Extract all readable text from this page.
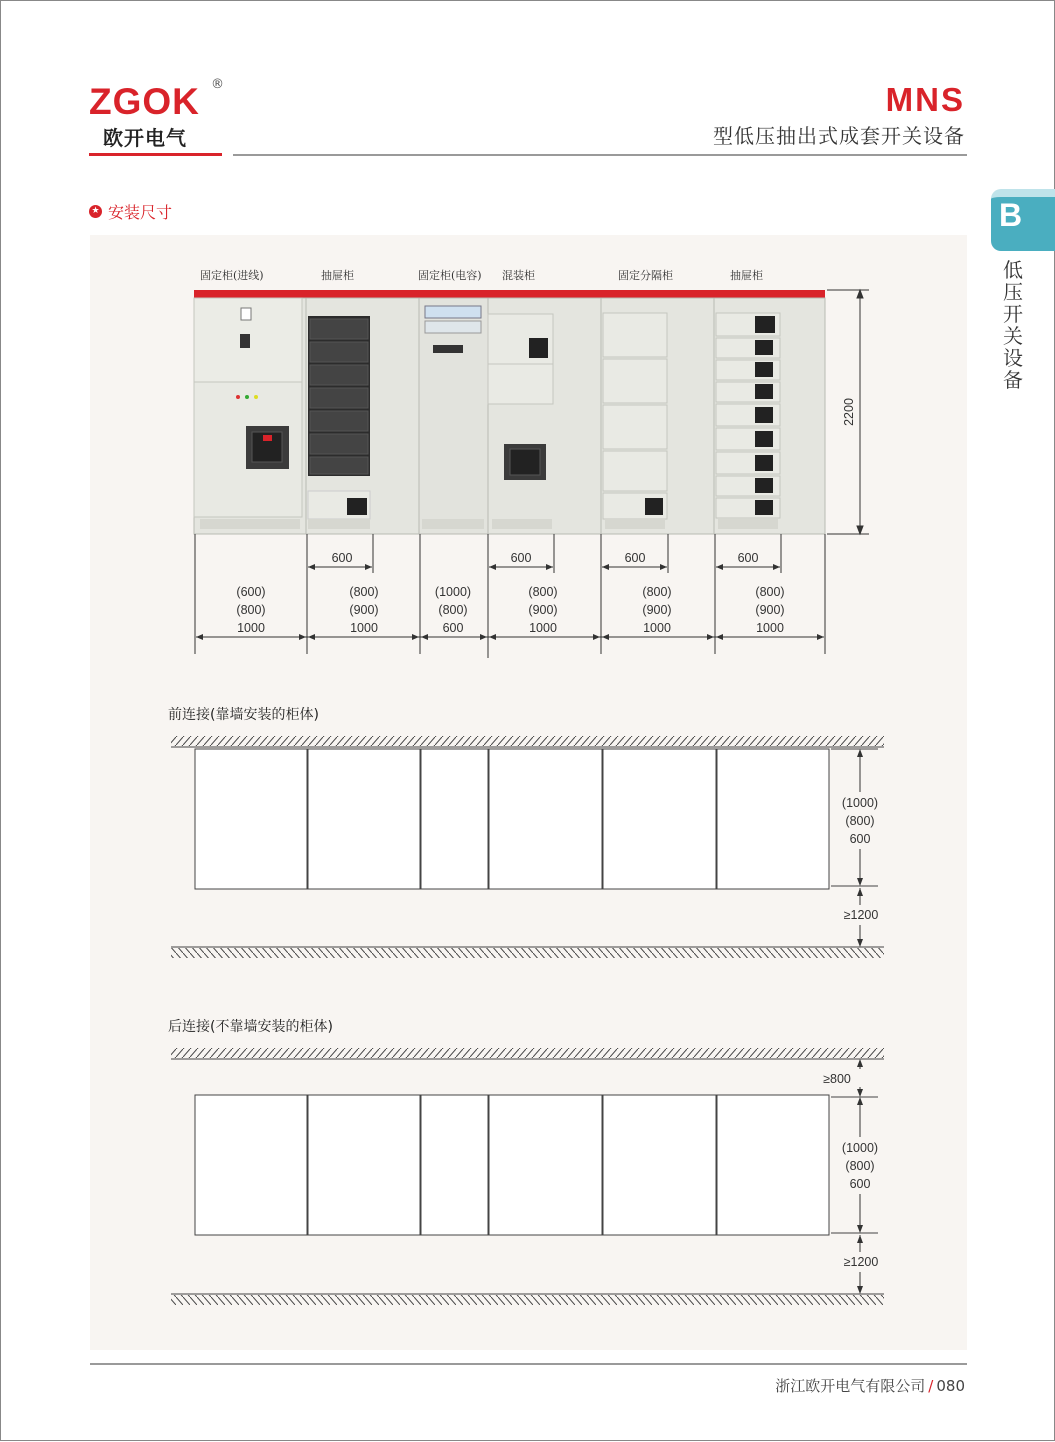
ZGOK ®
欧开电气
MNS
型低压抽出式成套开关设备
B
低
压
开
关
设
备
★ 安装尺寸
固定柜(进线)	抽屉柜	固定柜(电容) 混装柜	固定分隔柜	抽屉柜
2200
600	600	600	600
(600)
(800)
1000
(800)
(900)
1000
(1000)
(800)
600
(800)
(900)
1000
(800)
(900)
1000
(800)
(900)
1000
前连接(靠墙安装的柜体)
后连接(不靠墙安装的柜体)
(1000)
(800)
600
≥1200
≥800
(1000)
(800)
600
≥1200
浙江欧开电气有限公司 / 080
